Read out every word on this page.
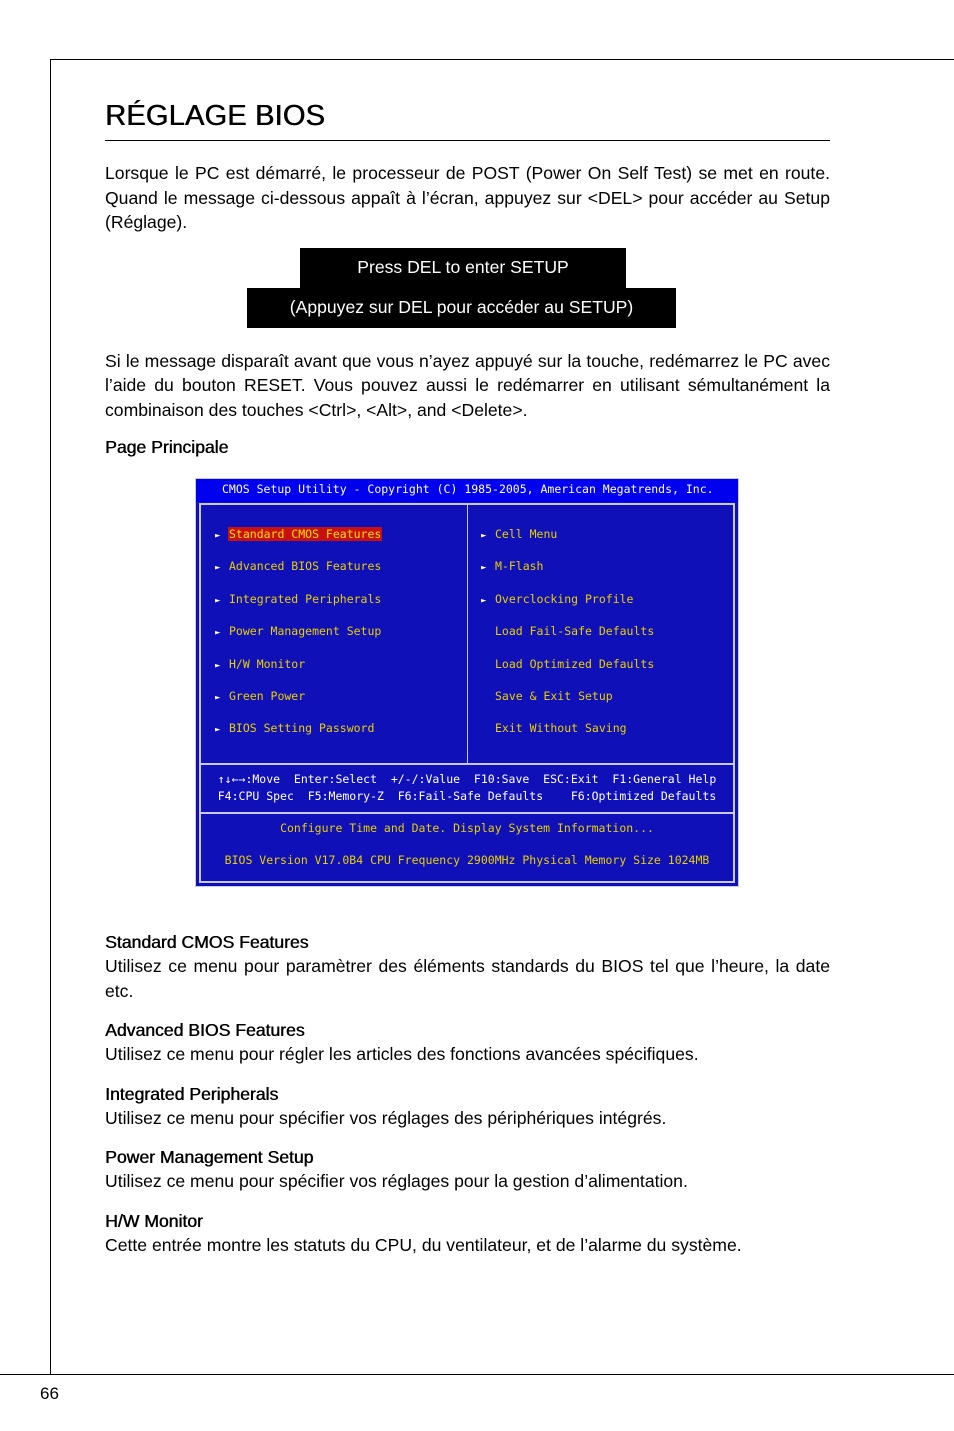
66
RÉGLAGE BIOS

Lorsque le PC est démarré, le processeur de POST (Power On Self Test) se met en route. Quand le message ci-dessous appaît à l’écran, appuyez sur <DEL> pour accéder au Setup (Réglage).

Press DEL to enter SETUP
(Appuyez sur DEL pour accéder au SETUP)

Si le message disparaît avant que vous n’ayez appuyé sur la touche, redémarrez le PC avec l’aide du bouton RESET. Vous pouvez aussi le redémarrer en utilisant sémultanément la combinaison des touches <Ctrl>, <Alt>, and <Delete>.

Page Principale
CMOS Setup Utility - Copyright (C) 1985-2005, American Megatrends, Inc.
► Standard CMOS Features
► Advanced BIOS Features
► Integrated Peripherals
► Power Management Setup
► H/W Monitor
► Green Power
► BIOS Setting Password
► Cell Menu
► M-Flash
► Overclocking Profile
Load Fail-Safe Defaults
Load Optimized Defaults
Save & Exit Setup
Exit Without Saving
↑↓←→:Move  Enter:Select  +/-/:Value  F10:Save  ESC:Exit  F1:General Help
F4:CPU Spec  F5:Memory-Z  F6:Fail-Safe Defaults    F6:Optimized Defaults
Configure Time and Date. Display System Information...
BIOS Version V17.0B4 CPU Frequency 2900MHz Physical Memory Size 1024MB
Standard CMOS Features

Utilisez ce menu pour paramètrer des éléments standards du BIOS tel que l’heure, la date etc.

Advanced BIOS Features

Utilisez ce menu pour régler les articles des fonctions avancées spécifiques.

Integrated Peripherals

Utilisez ce menu pour spécifier vos réglages des périphériques intégrés.

Power Management Setup

Utilisez ce menu pour spécifier vos réglages pour la gestion d’alimentation.

H/W Monitor

Cette entrée montre les statuts du CPU, du ventilateur, et de l’alarme du système.
